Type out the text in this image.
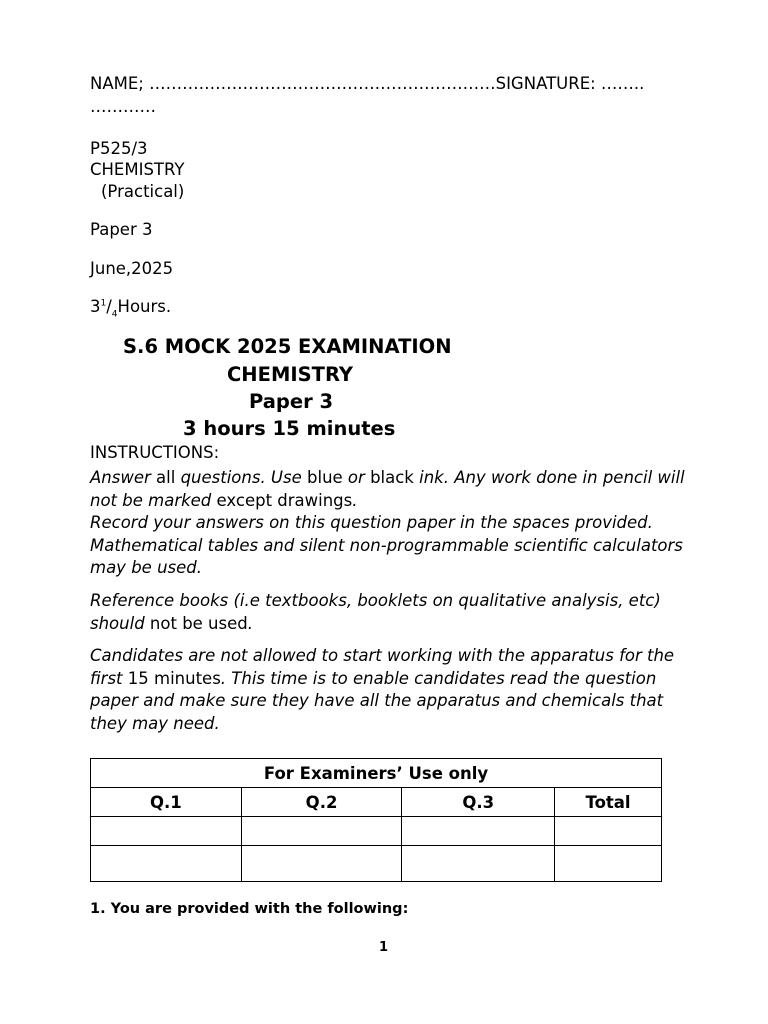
NAME; ………………………………………………………SIGNATURE: ……..
…………
P525/3
CHEMISTRY
(Practical)
Paper 3
June,2025
$3^1/_4Hours$.
S.6 MOCK 2025 EXAMINATION
CHEMISTRY
Paper 3
3 hours 15 minutes
INSTRUCTIONS:
Answer all questions. Use blue or black ink. Any work done in pencil will not be marked except drawings.
Record your answers on this question paper in the spaces provided. Mathematical tables and silent non-programmable scientific calculators may be used.
Reference books (i.e textbooks, booklets on qualitative analysis, etc) should not be used.
Candidates are not allowed to start working with the apparatus for the first 15 minutes. This time is to enable candidates read the question paper and make sure they have all the apparatus and chemicals that they may need.
For Examiners’ Use only			
Q.1	Q.2	Q.3	Total

1. You are provided with the following:
1
